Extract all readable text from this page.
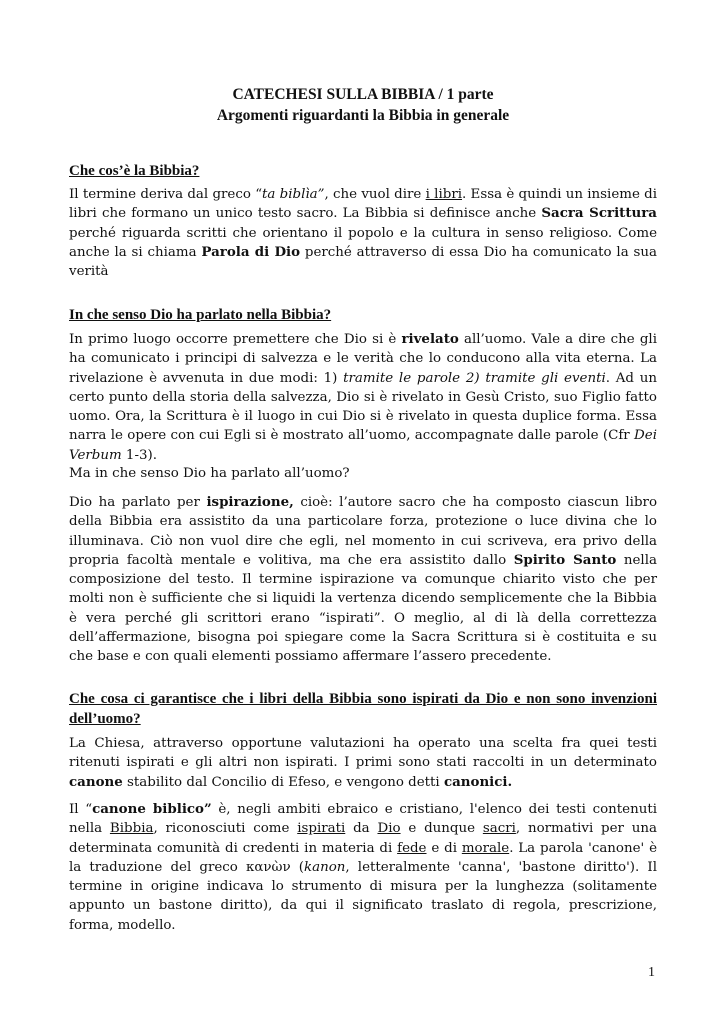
CATECHESI SULLA BIBBIA / 1 parte
Argomenti riguardanti la Bibbia in generale
Che cos’è la Bibbia?

Il termine deriva dal greco “ta biblìa”, che vuol dire i libri. Essa è quindi un insieme di libri che formano un unico testo sacro. La Bibbia si definisce anche Sacra Scrittura perché riguarda scritti che orientano il popolo e la cultura in senso religioso. Come anche la si chiama Parola di Dio perché attraverso di essa Dio ha comunicato la sua verità

In che senso Dio ha parlato nella Bibbia?

In primo luogo occorre premettere che Dio si è rivelato all’uomo. Vale a dire che gli ha comunicato i principi di salvezza e le verità che lo conducono alla vita eterna. La rivelazione è avvenuta in due modi: 1) tramite le parole 2) tramite gli eventi. Ad un certo punto della storia della salvezza, Dio si è rivelato in Gesù Cristo, suo Figlio fatto uomo. Ora, la Scrittura è il luogo in cui Dio si è rivelato in questa duplice forma. Essa narra le opere con cui Egli si è mostrato all’uomo, accompagnate dalle parole (Cfr Dei Verbum 1-3).

Ma in che senso Dio ha parlato all’uomo?

Dio ha parlato per ispirazione, cioè: l’autore sacro che ha composto ciascun libro della Bibbia era assistito da una particolare forza, protezione o luce divina che lo illuminava. Ciò non vuol dire che egli, nel momento in cui scriveva, era privo della propria facoltà mentale e volitiva, ma che era assistito dallo Spirito Santo nella composizione del testo. Il termine ispirazione va comunque chiarito visto che per molti non è sufficiente che si liquidi la vertenza dicendo semplicemente che la Bibbia è vera perché gli scrittori erano “ispirati”. O meglio, al di là della correttezza dell’affermazione, bisogna poi spiegare come la Sacra Scrittura si è costituita e su che base e con quali elementi possiamo affermare l’assero precedente.

Che cosa ci garantisce che i libri della Bibbia sono ispirati da Dio e non sono invenzioni dell’uomo?

La Chiesa, attraverso opportune valutazioni ha operato una scelta fra quei testi ritenuti ispirati e gli altri non ispirati. I primi sono stati raccolti in un determinato canone stabilito dal Concilio di Efeso, e vengono detti canonici.

Il “canone biblico” è, negli ambiti ebraico e cristiano, l'elenco dei testi contenuti nella Bibbia, riconosciuti come ispirati da Dio e dunque sacri, normativi per una determinata comunità di credenti in materia di fede e di morale. La parola 'canone' è la traduzione del greco κανὼν (kanon, letteralmente 'canna', 'bastone diritto'). Il termine in origine indicava lo strumento di misura per la lunghezza (solitamente appunto un bastone diritto), da qui il significato traslato di regola, prescrizione, forma, modello.

1
